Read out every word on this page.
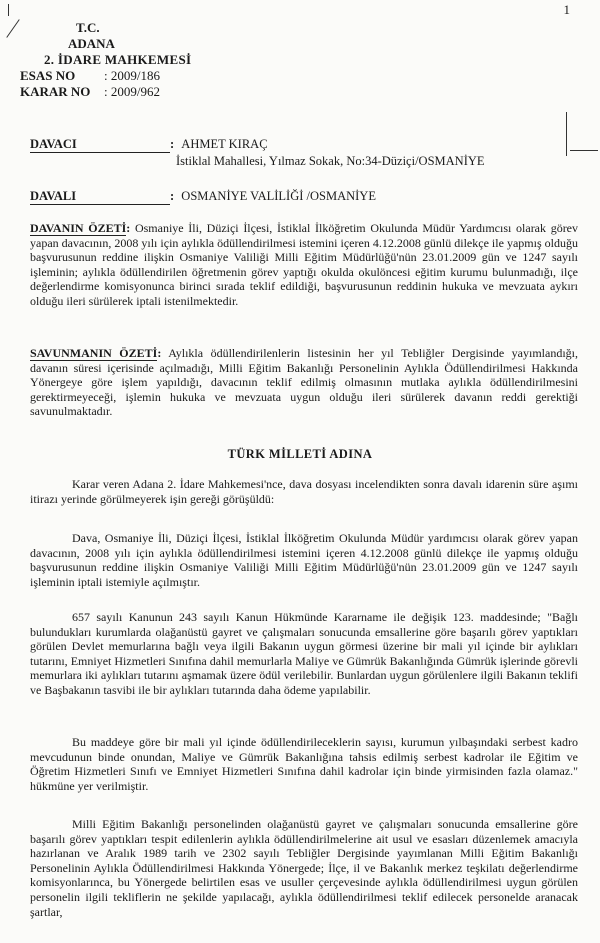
1
T.C.
ADANA
2. İDARE MAHKEMESİ
ESAS NO	: 2009/186
KARAR NO	: 2009/962
DAVACI	: AHMET KIRAÇ
İstiklal Mahallesi, Yılmaz Sokak, No:34-Düziçi/OSMANİYE
DAVALI	: OSMANİYE VALİLİĞİ /OSMANİYE
DAVANIN ÖZETİ: Osmaniye İli, Düziçi İlçesi, İstiklal İlköğretim Okulunda Müdür Yardımcısı olarak görev yapan davacının, 2008 yılı için aylıkla ödüllendirilmesi istemini içeren 4.12.2008 günlü dilekçe ile yapmış olduğu başvurusunun reddine ilişkin Osmaniye Valiliği Milli Eğitim Müdürlüğü'nün 23.01.2009 gün ve 1247 sayılı işleminin; aylıkla ödüllendirilen öğretmenin görev yaptığı okulda okulöncesi eğitim kurumu bulunmadığı, ilçe değerlendirme komisyonunca birinci sırada teklif edildiği, başvurusunun reddinin hukuka ve mevzuata aykırı olduğu ileri sürülerek iptali istenilmektedir.
SAVUNMANIN ÖZETİ: Aylıkla ödüllendirilenlerin listesinin her yıl Tebliğler Dergisinde yayımlandığı, davanın süresi içerisinde açılmadığı, Milli Eğitim Bakanlığı Personelinin Aylıkla Ödüllendirilmesi Hakkında Yönergeye göre işlem yapıldığı, davacının teklif edilmiş olmasının mutlaka aylıkla ödüllendirilmesini gerektirmeyeceği, işlemin hukuka ve mevzuata uygun olduğu ileri sürülerek davanın reddi gerektiği savunulmaktadır.
TÜRK MİLLETİ ADINA
Karar veren Adana 2. İdare Mahkemesi'nce, dava dosyası incelendikten sonra davalı idarenin süre aşımı itirazı yerinde görülmeyerek işin gereği görüşüldü:
Dava, Osmaniye İli, Düziçi İlçesi, İstiklal İlköğretim Okulunda Müdür yardımcısı olarak görev yapan davacının, 2008 yılı için aylıkla ödüllendirilmesi istemini içeren 4.12.2008 günlü dilekçe ile yapmış olduğu başvurusunun reddine ilişkin Osmaniye Valiliği Milli Eğitim Müdürlüğü'nün 23.01.2009 gün ve 1247 sayılı işleminin iptali istemiyle açılmıştır.
657 sayılı Kanunun 243 sayılı Kanun Hükmünde Kararname ile değişik 123. maddesinde; "Bağlı bulundukları kurumlarda olağanüstü gayret ve çalışmaları sonucunda emsallerine göre başarılı görev yaptıkları görülen Devlet memurlarına bağlı veya ilgili Bakanın uygun görmesi üzerine bir mali yıl içinde bir aylıkları tutarını, Emniyet Hizmetleri Sınıfına dahil memurlarla Maliye ve Gümrük Bakanlığında Gümrük işlerinde görevli memurlara iki aylıkları tutarını aşmamak üzere ödül verilebilir. Bunlardan uygun görülenlere ilgili Bakanın teklifi ve Başbakanın tasvibi ile bir aylıkları tutarında daha ödeme yapılabilir.
Bu maddeye göre bir mali yıl içinde ödüllendirileceklerin sayısı, kurumun yılbaşındaki serbest kadro mevcudunun binde onundan, Maliye ve Gümrük Bakanlığına tahsis edilmiş serbest kadrolar ile Eğitim ve Öğretim Hizmetleri Sınıfı ve Emniyet Hizmetleri Sınıfına dahil kadrolar için binde yirmisinden fazla olamaz." hükmüne yer verilmiştir.
Milli Eğitim Bakanlığı personelinden olağanüstü gayret ve çalışmaları sonucunda emsallerine göre başarılı görev yaptıkları tespit edilenlerin aylıkla ödüllendirilmelerine ait usul ve esasları düzenlemek amacıyla hazırlanan ve Aralık 1989 tarih ve 2302 sayılı Tebliğler Dergisinde yayımlanan Milli Eğitim Bakanlığı Personelinin Aylıkla Ödüllendirilmesi Hakkında Yönergede; İlçe, il ve Bakanlık merkez teşkilatı değerlendirme komisyonlarınca, bu Yönergede belirtilen esas ve usuller çerçevesinde aylıkla ödüllendirilmesi uygun görülen personelin ilgili tekliflerin ne şekilde yapılacağı, aylıkla ödüllendirilmesi teklif edilecek personelde aranacak şartlar,
